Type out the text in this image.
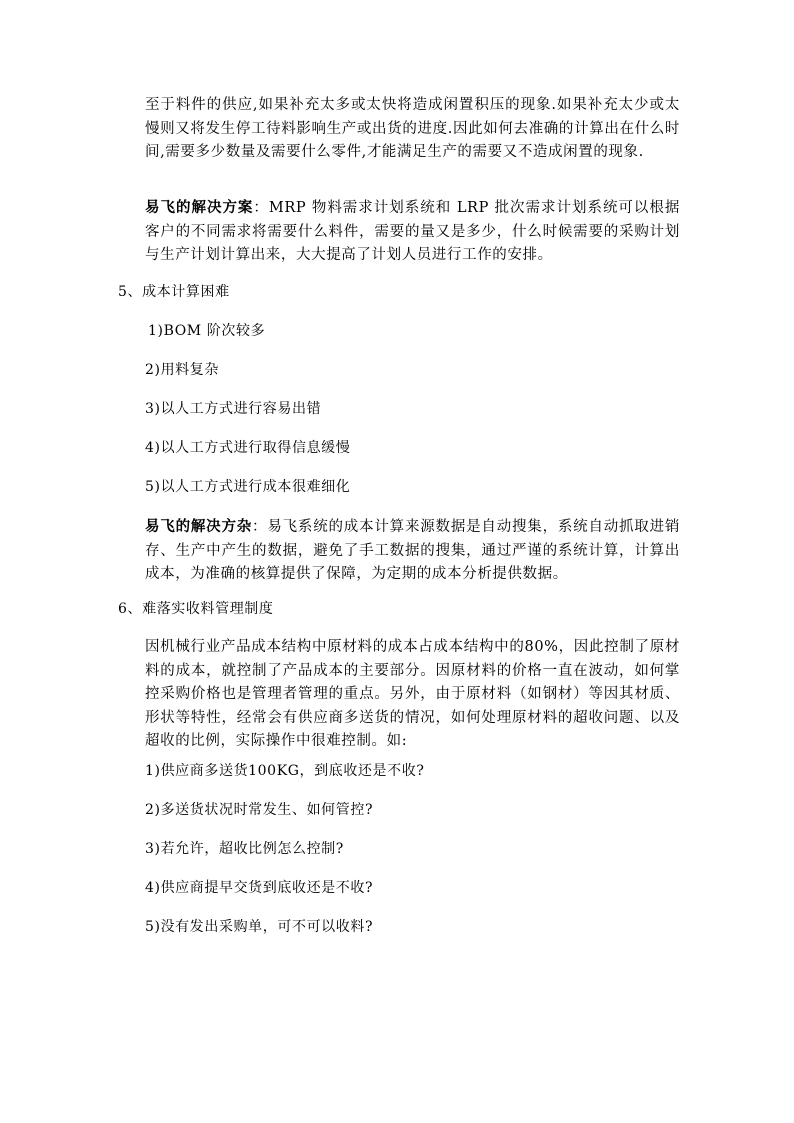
至于料件的供应,如果补充太多或太快将造成闲置积压的现象.如果补充太少或太慢则又将发生停工待料影响生产或出货的进度.因此如何去准确的计算出在什么时间,需要多少数量及需要什么零件,才能满足生产的需要又不造成闲置的现象.

易飞的解决方案：MRP 物料需求计划系统和 LRP 批次需求计划系统可以根据客户的不同需求将需要什么料件，需要的量又是多少，什么时候需要的采购计划与生产计划计算出来，大大提高了计划人员进行工作的安排。

5、成本计算困难

1)BOM 阶次较多

2)用料复杂

3)以人工方式进行容易出错

4)以人工方式进行取得信息缓慢

5)以人工方式进行成本很难细化

易飞的解决方杂：易飞系统的成本计算来源数据是自动搜集，系统自动抓取进销存、生产中产生的数据，避免了手工数据的搜集，通过严谨的系统计算，计算出成本，为准确的核算提供了保障，为定期的成本分析提供数据。

6、难落实收料管理制度

因机械行业产品成本结构中原材料的成本占成本结构中的80%，因此控制了原材料的成本，就控制了产品成本的主要部分。因原材料的价格一直在波动，如何掌控采购价格也是管理者管理的重点。另外，由于原材料（如钢材）等因其材质、形状等特性，经常会有供应商多送货的情况，如何处理原材料的超收问题、以及超收的比例，实际操作中很难控制。如:

1)供应商多送货100KG，到底收还是不收?

2)多送货状况时常发生、如何管控?

3)若允许，超收比例怎么控制?

4)供应商提早交货到底收还是不收?

5)没有发出采购单，可不可以收料?
